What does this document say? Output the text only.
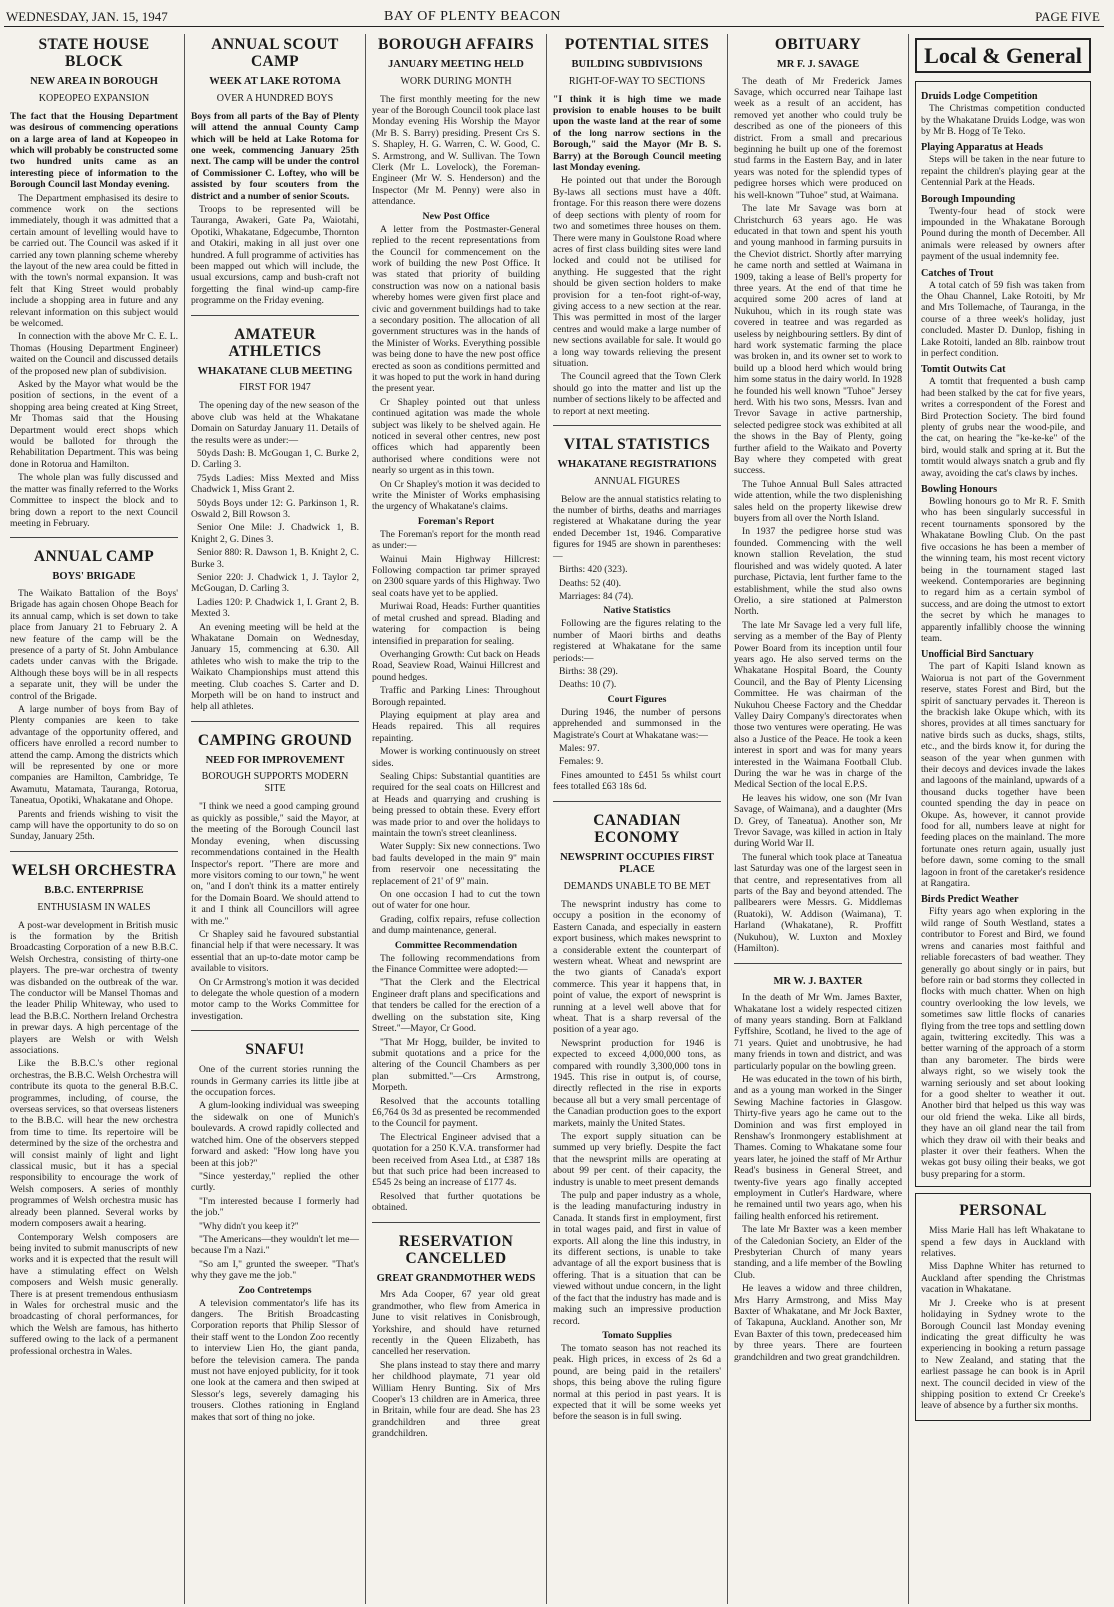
WEDNESDAY, JAN. 15, 1947	BAY OF PLENTY BEACON	PAGE FIVE
STATE HOUSE BLOCK
NEW AREA IN BOROUGH
KOPEOPEO EXPANSION

The fact that the Housing Department was desirous of commencing operations on a large area of land at Kopeopeo in which will probably be constructed some two hundred units came as an interesting piece of information to the Borough Council last Monday evening.

The Department emphasised its desire to commence work on the sections immediately, though it was admitted that a certain amount of levelling would have to be carried out. The Council was asked if it carried any town planning scheme whereby the layout of the new area could be fitted in with the town's normal expansion. It was felt that King Street would probably include a shopping area in future and any relevant information on this subject would be welcomed.

In connection with the above Mr C. E. L. Thomas (Housing Department Engineer) waited on the Council and discussed details of the proposed new plan of subdivision.

Asked by the Mayor what would be the position of sections, in the event of a shopping area being created at King Street, Mr Thomas said that the Housing Department would erect shops which would be balloted for through the Rehabilitation Department. This was being done in Rotorua and Hamilton.

The whole plan was fully discussed and the matter was finally referred to the Works Committee to inspect the block and to bring down a report to the next Council meeting in February.

ANNUAL CAMP
BOYS' BRIGADE

The Waikato Battalion of the Boys' Brigade has again chosen Ohope Beach for its annual camp, which is set down to take place from January 21 to February 2. A new feature of the camp will be the presence of a party of St. John Ambulance cadets under canvas with the Brigade. Although these boys will be in all respects a separate unit, they will be under the control of the Brigade.

A large number of boys from Bay of Plenty companies are keen to take advantage of the opportunity offered, and officers have enrolled a record number to attend the camp. Among the districts which will be represented by one or more companies are Hamilton, Cambridge, Te Awamutu, Matamata, Tauranga, Rotorua, Taneatua, Opotiki, Whakatane and Ohope.

Parents and friends wishing to visit the camp will have the opportunity to do so on Sunday, January 25th.

WELSH ORCHESTRA
B.B.C. ENTERPRISE
ENTHUSIASM IN WALES

A post-war development in British music is the formation by the British Broadcasting Corporation of a new B.B.C. Welsh Orchestra, consisting of thirty-one players. The pre-war orchestra of twenty was disbanded on the outbreak of the war. The conductor will be Mansel Thomas and the leader Philip Whiteway, who used to lead the B.B.C. Northern Ireland Orchestra in prewar days. A high percentage of the players are Welsh or with Welsh associations.

Like the B.B.C.'s other regional orchestras, the B.B.C. Welsh Orchestra will contribute its quota to the general B.B.C. programmes, including, of course, the overseas services, so that overseas listeners to the B.B.C. will hear the new orchestra from time to time. Its repertoire will be determined by the size of the orchestra and will consist mainly of light and light classical music, but it has a special responsibility to encourage the work of Welsh composers. A series of monthly programmes of Welsh orchestra music has already been planned. Several works by modern composers await a hearing.

Contemporary Welsh composers are being invited to submit manuscripts of new works and it is expected that the result will have a stimulating effect on Welsh composers and Welsh music generally. There is at present tremendous enthusiasm in Wales for orchestral music and the broadcasting of choral performances, for which the Welsh are famous, has hitherto suffered owing to the lack of a permanent professional orchestra in Wales.

ANNUAL SCOUT CAMP
WEEK AT LAKE ROTOMA
OVER A HUNDRED BOYS

Boys from all parts of the Bay of Plenty will attend the annual County Camp which will be held at Lake Rotoma for one week, commencing January 25th next. The camp will be under the control of Commissioner C. Loftey, who will be assisted by four scouters from the district and a number of senior Scouts.

Troops to be represented will be Tauranga, Awakeri, Gate Pa, Waiotahi, Opotiki, Whakatane, Edgecumbe, Thornton and Otakiri, making in all just over one hundred. A full programme of activities has been mapped out which will include, the usual excursions, camp and bush-craft not forgetting the final wind-up camp-fire programme on the Friday evening.

AMATEUR ATHLETICS
WHAKATANE CLUB MEETING
FIRST FOR 1947

The opening day of the new season of the above club was held at the Whakatane Domain on Saturday January 11. Details of the results were as under:—

50yds Dash: B. McGougan 1, C. Burke 2, D. Carling 3.

75yds Ladies: Miss Mexted and Miss Chadwick 1, Miss Grant 2.

50yds Boys under 12: G. Parkinson 1, R. Oswald 2, Bill Rowson 3.

Senior One Mile: J. Chadwick 1, B. Knight 2, G. Dines 3.

Senior 880: R. Dawson 1, B. Knight 2, C. Burke 3.

Senior 220: J. Chadwick 1, J. Taylor 2, McGougan, D. Carling 3.

Ladies 120: P. Chadwick 1, I. Grant 2, B. Mexted 3.

An evening meeting will be held at the Whakatane Domain on Wednesday, January 15, commencing at 6.30. All athletes who wish to make the trip to the Waikato Championships must attend this meeting. Club coaches S. Carter and D. Morpeth will be on hand to instruct and help all athletes.

CAMPING GROUND
NEED FOR IMPROVEMENT
BOROUGH SUPPORTS MODERN SITE

"I think we need a good camping ground as quickly as possible," said the Mayor, at the meeting of the Borough Council last Monday evening, when discussing recommendations contained in the Health Inspector's report. "There are more and more visitors coming to our town," he went on, "and I don't think its a matter entirely for the Domain Board. We should attend to it and I think all Councillors will agree with me."

Cr Shapley said he favoured substantial financial help if that were necessary. It was essential that an up-to-date motor camp be available to visitors.

On Cr Armstrong's motion it was decided to delegate the whole question of a modern motor camp to the Works Committee for investigation.

SNAFU!

One of the current stories running the rounds in Germany carries its little jibe at the occupation forces.

A glum-looking individual was sweeping the sidewalk on one of Munich's boulevards. A crowd rapidly collected and watched him. One of the observers stepped forward and asked: "How long have you been at this job?"

"Since yesterday," replied the other curtly.

"I'm interested because I formerly had the job."

"Why didn't you keep it?"

"The Americans—they wouldn't let me—because I'm a Nazi."

"So am I," grunted the sweeper. "That's why they gave me the job."

Zoo Contretemps

A television commentator's life has its dangers. The British Broadcasting Corporation reports that Philip Slessor of their staff went to the London Zoo recently to interview Lien Ho, the giant panda, before the television camera. The panda must not have enjoyed publicity, for it took one look at the camera and then swiped at Slessor's legs, severely damaging his trousers. Clothes rationing in England makes that sort of thing no joke.

BOROUGH AFFAIRS
JANUARY MEETING HELD
WORK DURING MONTH

The first monthly meeting for the new year of the Borough Council took place last Monday evening His Worship the Mayor (Mr B. S. Barry) presiding. Present Crs S. S. Shapley, H. G. Warren, C. W. Good, C. S. Armstrong, and W. Sullivan. The Town Clerk (Mr L. Lovelock), the Foreman-Engineer (Mr W. S. Henderson) and the Inspector (Mr M. Penny) were also in attendance.

New Post Office

A letter from the Postmaster-General replied to the recent representations from the Council for commencement on the work of building the new Post Office. It was stated that priority of building construction was now on a national basis whereby homes were given first place and civic and government buildings had to take a secondary position. The allocation of all government structures was in the hands of the Minister of Works. Everything possible was being done to have the new post office erected as soon as conditions permitted and it was hoped to put the work in hand during the present year.

Cr Shapley pointed out that unless continued agitation was made the whole subject was likely to be shelved again. He noticed in several other centres, new post offices which had apparently been authorised where conditions were not nearly so urgent as in this town.

On Cr Shapley's motion it was decided to write the Minister of Works emphasising the urgency of Whakatane's claims.

Foreman's Report

The Foreman's report for the month read as under:—

Wainui Main Highway Hillcrest: Following compaction tar primer sprayed on 2300 square yards of this Highway. Two seal coats have yet to be applied.

Muriwai Road, Heads: Further quantities of metal crushed and spread. Blading and watering for compaction is being intensified in preparation for sealing.

Overhanging Growth: Cut back on Heads Road, Seaview Road, Wainui Hillcrest and pound hedges.

Traffic and Parking Lines: Throughout Borough repainted.

Playing equipment at play area and Heads repaired. This all requires repainting.

Mower is working continuously on street sides.

Sealing Chips: Substantial quantities are required for the seal coats on Hillcrest and at Heads and quarrying and crushing is being pressed to obtain these. Every effort was made prior to and over the holidays to maintain the town's street cleanliness.

Water Supply: Six new connections. Two bad faults developed in the main 9" main from reservoir one necessitating the replacement of 21' of 9" main.

On one occasion I had to cut the town out of water for one hour.

Grading, colfix repairs, refuse collection and dump maintenance, general.

Committee Recommendation

The following recommendations from the Finance Committee were adopted:—

"That the Clerk and the Electrical Engineer draft plans and specifications and that tenders be called for the erection of a dwelling on the substation site, King Street."—Mayor, Cr Good.

"That Mr Hogg, builder, be invited to submit quotations and a price for the altering of the Council Chambers as per plan submitted."—Crs Armstrong, Morpeth.

Resolved that the accounts totalling £6,764 0s 3d as presented be recommended to the Council for payment.

The Electrical Engineer advised that a quotation for a 250 K.V.A. transformer had been received from Asea Ltd., at £387 18s but that such price had been increased to £545 2s being an increase of £177 4s.

Resolved that further quotations be obtained.

RESERVATION CANCELLED
GREAT GRANDMOTHER WEDS

Mrs Ada Cooper, 67 year old great grandmother, who flew from America in June to visit relatives in Conisbrough, Yorkshire, and should have returned recently in the Queen Elizabeth, has cancelled her reservation.

She plans instead to stay there and marry her childhood playmate, 71 year old William Henry Bunting. Six of Mrs Cooper's 13 children are in America, three in Britain, while four are dead. She has 23 grandchildren and three great grandchildren.

POTENTIAL SITES
BUILDING SUBDIVISIONS
RIGHT-OF-WAY TO SECTIONS

"I think it is high time we made provision to enable houses to be built upon the waste land at the rear of some of the long narrow sections in the Borough," said the Mayor (Mr B. S. Barry) at the Borough Council meeting last Monday evening.

He pointed out that under the Borough By-laws all sections must have a 40ft. frontage. For this reason there were dozens of deep sections with plenty of room for two and sometimes three houses on them. There were many in Goulstone Road where acres of first class building sites were land locked and could not be utilised for anything. He suggested that the right should be given section holders to make provision for a ten-foot right-of-way, giving access to a new section at the rear. This was permitted in most of the larger centres and would make a large number of new sections available for sale. It would go a long way towards relieving the present situation.

The Council agreed that the Town Clerk should go into the matter and list up the number of sections likely to be affected and to report at next meeting.

VITAL STATISTICS
WHAKATANE REGISTRATIONS
ANNUAL FIGURES

Below are the annual statistics relating to the number of births, deaths and marriages registered at Whakatane during the year ended December 1st, 1946. Comparative figures for 1945 are shown in parentheses:—

Births: 420 (323).

Deaths: 52 (40).

Marriages: 84 (74).

Native Statistics

Following are the figures relating to the number of Maori births and deaths registered at Whakatane for the same periods:—

Births: 38 (29).

Deaths: 10 (7).

Court Figures

During 1946, the number of persons apprehended and summonsed in the Magistrate's Court at Whakatane was:—

Males: 97.

Females: 9.

Fines amounted to £451 5s whilst court fees totalled £63 18s 6d.

CANADIAN ECONOMY
NEWSPRINT OCCUPIES FIRST PLACE
DEMANDS UNABLE TO BE MET

The newsprint industry has come to occupy a position in the economy of Eastern Canada, and especially in eastern export business, which makes newsprint to a considerable extent the counterpart of western wheat. Wheat and newsprint are the two giants of Canada's export commerce. This year it happens that, in point of value, the export of newsprint is running at a level well above that for wheat. That is a sharp reversal of the position of a year ago.

Newsprint production for 1946 is expected to exceed 4,000,000 tons, as compared with roundly 3,300,000 tons in 1945. This rise in output is, of course, directly reflected in the rise in exports because all but a very small percentage of the Canadian production goes to the export markets, mainly the United States.

The export supply situation can be summed up very briefly. Despite the fact that the newsprint mills are operating at about 99 per cent. of their capacity, the industry is unable to meet present demands

The pulp and paper industry as a whole, is the leading manufacturing industry in Canada. It stands first in employment, first in total wages paid, and first in value of exports. All along the line this industry, in its different sections, is unable to take advantage of all the export business that is offering. That is a situation that can be viewed without undue concern, in the light of the fact that the industry has made and is making such an impressive production record.

Tomato Supplies

The tomato season has not reached its peak. High prices, in excess of 2s 6d a pound, are being paid in the retailers' shops, this being above the ruling figure normal at this period in past years. It is expected that it will be some weeks yet before the season is in full swing.

OBITUARY
MR F. J. SAVAGE

The death of Mr Frederick James Savage, which occurred near Taihape last week as a result of an accident, has removed yet another who could truly be described as one of the pioneers of this district. From a small and precarious beginning he built up one of the foremost stud farms in the Eastern Bay, and in later years was noted for the splendid types of pedigree horses which were produced on his well-known "Tuhoe" stud, at Waimana.

The late Mr Savage was born at Christchurch 63 years ago. He was educated in that town and spent his youth and young manhood in farming pursuits in the Cheviot district. Shortly after marrying he came north and settled at Waimana in 1909, taking a lease of Bell's property for three years. At the end of that time he acquired some 200 acres of land at Nukuhou, which in its rough state was covered in teatree and was regarded as useless by neighbouring settlers. By dint of hard work systematic farming the place was broken in, and its owner set to work to build up a blood herd which would bring him some status in the dairy world. In 1928 he founded his well known "Tuhoe" Jersey herd. With his two sons, Messrs. Ivan and Trevor Savage in active partnership, selected pedigree stock was exhibited at all the shows in the Bay of Plenty, going further afield to the Waikato and Poverty Bay where they competed with great success.

The Tuhoe Annual Bull Sales attracted wide attention, while the two displenishing sales held on the property likewise drew buyers from all over the North Island.

In 1937 the pedigree horse stud was founded. Commencing with the well known stallion Revelation, the stud flourished and was widely quoted. A later purchase, Pictavia, lent further fame to the establishment, while the stud also owns Orelio, a sire stationed at Palmerston North.

The late Mr Savage led a very full life, serving as a member of the Bay of Plenty Power Board from its inception until four years ago. He also served terms on the Whakatane Hospital Board, the County Council, and the Bay of Plenty Licensing Committee. He was chairman of the Nukuhou Cheese Factory and the Cheddar Valley Dairy Company's directorates when those two ventures were operating. He was also a Justice of the Peace. He took a keen interest in sport and was for many years interested in the Waimana Football Club. During the war he was in charge of the Medical Section of the local E.P.S.

He leaves his widow, one son (Mr Ivan Savage, of Waimana), and a daughter (Mrs D. Grey, of Taneatua). Another son, Mr Trevor Savage, was killed in action in Italy during World War II.

The funeral which took place at Taneatua last Saturday was one of the largest seen in that centre, and representatives from all parts of the Bay and beyond attended. The pallbearers were Messrs. G. Middlemas (Ruatoki), W. Addison (Waimana), T. Harland (Whakatane), R. Proffitt (Nukuhou), W. Luxton and Moxley (Hamilton).

MR W. J. BAXTER

In the death of Mr Wm. James Baxter, Whakatane lost a widely respected citizen of many years standing. Born at Falkland Fyffshire, Scotland, he lived to the age of 71 years. Quiet and unobtrusive, he had many friends in town and district, and was particularly popular on the bowling green.

He was educated in the town of his birth, and as a young man worked in the Singer Sewing Machine factories in Glasgow. Thirty-five years ago he came out to the Dominion and was first employed in Renshaw's Ironmongery establishment at Thames. Coming to Whakatane some four years later, he joined the staff of Mr Arthur Read's business in General Street, and twenty-five years ago finally accepted employment in Cutler's Hardware, where he remained until two years ago, when his failing health enforced his retirement.

The late Mr Baxter was a keen member of the Caledonian Society, an Elder of the Presbyterian Church of many years standing, and a life member of the Bowling Club.

He leaves a widow and three children, Mrs Harry Armstrong, and Miss May Baxter of Whakatane, and Mr Jock Baxter, of Takapuna, Auckland. Another son, Mr Evan Baxter of this town, predeceased him by three years. There are fourteen grandchildren and two great grandchildren.

Local & General
Druids Lodge Competition

The Christmas competition conducted by the Whakatane Druids Lodge, was won by Mr B. Hogg of Te Teko.

Playing Apparatus at Heads

Steps will be taken in the near future to repaint the children's playing gear at the Centennial Park at the Heads.

Borough Impounding

Twenty-four head of stock were impounded in the Whakatane Borough Pound during the month of December. All animals were released by owners after payment of the usual indemnity fee.

Catches of Trout

A total catch of 59 fish was taken from the Ohau Channel, Lake Rotoiti, by Mr and Mrs Tollemache, of Tauranga, in the course of a three week's holiday, just concluded. Master D. Dunlop, fishing in Lake Rotoiti, landed an 8lb. rainbow trout in perfect condition.

Tomtit Outwits Cat

A tomtit that frequented a bush camp had been stalked by the cat for five years, writes a correspondent of the Forest and Bird Protection Society. The bird found plenty of grubs near the wood-pile, and the cat, on hearing the "ke-ke-ke" of the bird, would stalk and spring at it. But the tomtit would always snatch a grub and fly away, avoiding the cat's claws by inches.

Bowling Honours

Bowling honours go to Mr R. F. Smith who has been singularly successful in recent tournaments sponsored by the Whakatane Bowling Club. On the past five occasions he has been a member of the winning team, his most recent victory being in the tournament staged last weekend. Contemporaries are beginning to regard him as a certain symbol of success, and are doing the utmost to extort the secret by which he manages to apparently infallibly choose the winning team.

Unofficial Bird Sanctuary

The part of Kapiti Island known as Waiorua is not part of the Government reserve, states Forest and Bird, but the spirit of sanctuary pervades it. Thereon is the brackish lake Okupe which, with its shores, provides at all times sanctuary for native birds such as ducks, shags, stilts, etc., and the birds know it, for during the season of the year when gunmen with their decoys and devices invade the lakes and lagoons of the mainland, upwards of a thousand ducks together have been counted spending the day in peace on Okupe. As, however, it cannot provide food for all, numbers leave at night for feeding places on the mainland. The more fortunate ones return again, usually just before dawn, some coming to the small lagoon in front of the caretaker's residence at Rangatira.

Birds Predict Weather

Fifty years ago when exploring in the wild range of South Westland, states a contributor to Forest and Bird, we found wrens and canaries most faithful and reliable forecasters of bad weather. They generally go about singly or in pairs, but before rain or bad storms they collected in flocks with much chatter. When on high country overlooking the low levels, we sometimes saw little flocks of canaries flying from the tree tops and settling down again, twittering excitedly. This was a better warning of the approach of a storm than any barometer. The birds were always right, so we wisely took the warning seriously and set about looking for a good shelter to weather it out. Another bird that helped us this way was our old friend the weka. Like all birds, they have an oil gland near the tail from which they draw oil with their beaks and plaster it over their feathers. When the wekas got busy oiling their beaks, we got busy preparing for a storm.

PERSONAL

Miss Marie Hall has left Whakatane to spend a few days in Auckland with relatives.

Miss Daphne Whiter has returned to Auckland after spending the Christmas vacation in Whakatane.

Mr J. Creeke who is at present holidaying in Sydney wrote to the Borough Council last Monday evening indicating the great difficulty he was experiencing in booking a return passage to New Zealand, and stating that the earliest passage he can book is in April next. The council decided in view of the shipping position to extend Cr Creeke's leave of absence by a further six months.
